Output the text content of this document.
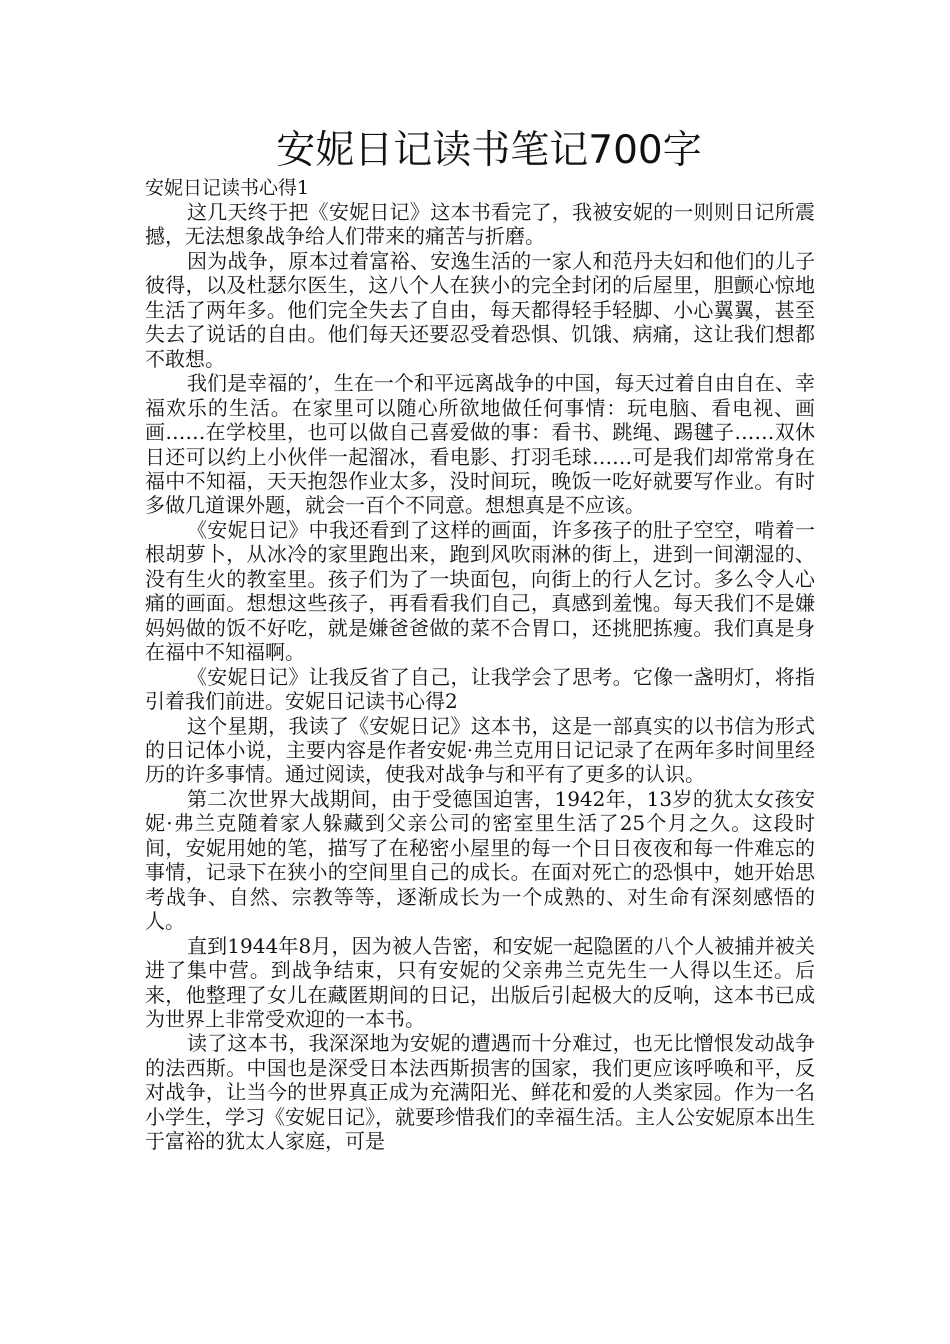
安妮日记读书笔记700字

安妮日记读书心得1

这几天终于把《安妮日记》这本书看完了，我被安妮的一则则日记所震撼，无法想象战争给人们带来的痛苦与折磨。

因为战争，原本过着富裕、安逸生活的一家人和范丹夫妇和他们的儿子彼得，以及杜瑟尔医生，这八个人在狭小的完全封闭的后屋里，胆颤心惊地生活了两年多。他们完全失去了自由，每天都得轻手轻脚、小心翼翼，甚至失去了说话的自由。他们每天还要忍受着恐惧、饥饿、病痛，这让我们想都不敢想。

我们是幸福的’，生在一个和平远离战争的中国，每天过着自由自在、幸福欢乐的生活。在家里可以随心所欲地做任何事情：玩电脑、看电视、画画……在学校里，也可以做自己喜爱做的事：看书、跳绳、踢毽子……双休日还可以约上小伙伴一起溜冰，看电影、打羽毛球……可是我们却常常身在福中不知福，天天抱怨作业太多，没时间玩，晚饭一吃好就要写作业。有时多做几道课外题，就会一百个不同意。想想真是不应该。

《安妮日记》中我还看到了这样的画面，许多孩子的肚子空空，啃着一根胡萝卜，从冰冷的家里跑出来，跑到风吹雨淋的街上，进到一间潮湿的、没有生火的教室里。孩子们为了一块面包，向街上的行人乞讨。多么令人心痛的画面。想想这些孩子，再看看我们自己，真感到羞愧。每天我们不是嫌妈妈做的饭不好吃，就是嫌爸爸做的菜不合胃口，还挑肥拣瘦。我们真是身在福中不知福啊。

《安妮日记》让我反省了自己，让我学会了思考。它像一盏明灯，将指引着我们前进。安妮日记读书心得2

这个星期，我读了《安妮日记》这本书，这是一部真实的以书信为形式的日记体小说，主要内容是作者安妮·弗兰克用日记记录了在两年多时间里经历的许多事情。通过阅读，使我对战争与和平有了更多的认识。

第二次世界大战期间，由于受德国迫害，1942年，13岁的犹太女孩安妮·弗兰克随着家人躲藏到父亲公司的密室里生活了25个月之久。这段时间，安妮用她的笔，描写了在秘密小屋里的每一个日日夜夜和每一件难忘的事情，记录下在狭小的空间里自己的成长。在面对死亡的恐惧中，她开始思考战争、自然、宗教等等，逐渐成长为一个成熟的、对生命有深刻感悟的人。

直到1944年8月，因为被人告密，和安妮一起隐匿的八个人被捕并被关进了集中营。到战争结束，只有安妮的父亲弗兰克先生一人得以生还。后来，他整理了女儿在藏匿期间的日记，出版后引起极大的反响，这本书已成为世界上非常受欢迎的一本书。

读了这本书，我深深地为安妮的遭遇而十分难过，也无比憎恨发动战争的法西斯。中国也是深受日本法西斯损害的国家，我们更应该呼唤和平，反对战争，让当今的世界真正成为充满阳光、鲜花和爱的人类家园。作为一名小学生，学习《安妮日记》，就要珍惜我们的幸福生活。主人公安妮原本出生于富裕的犹太人家庭，可是
